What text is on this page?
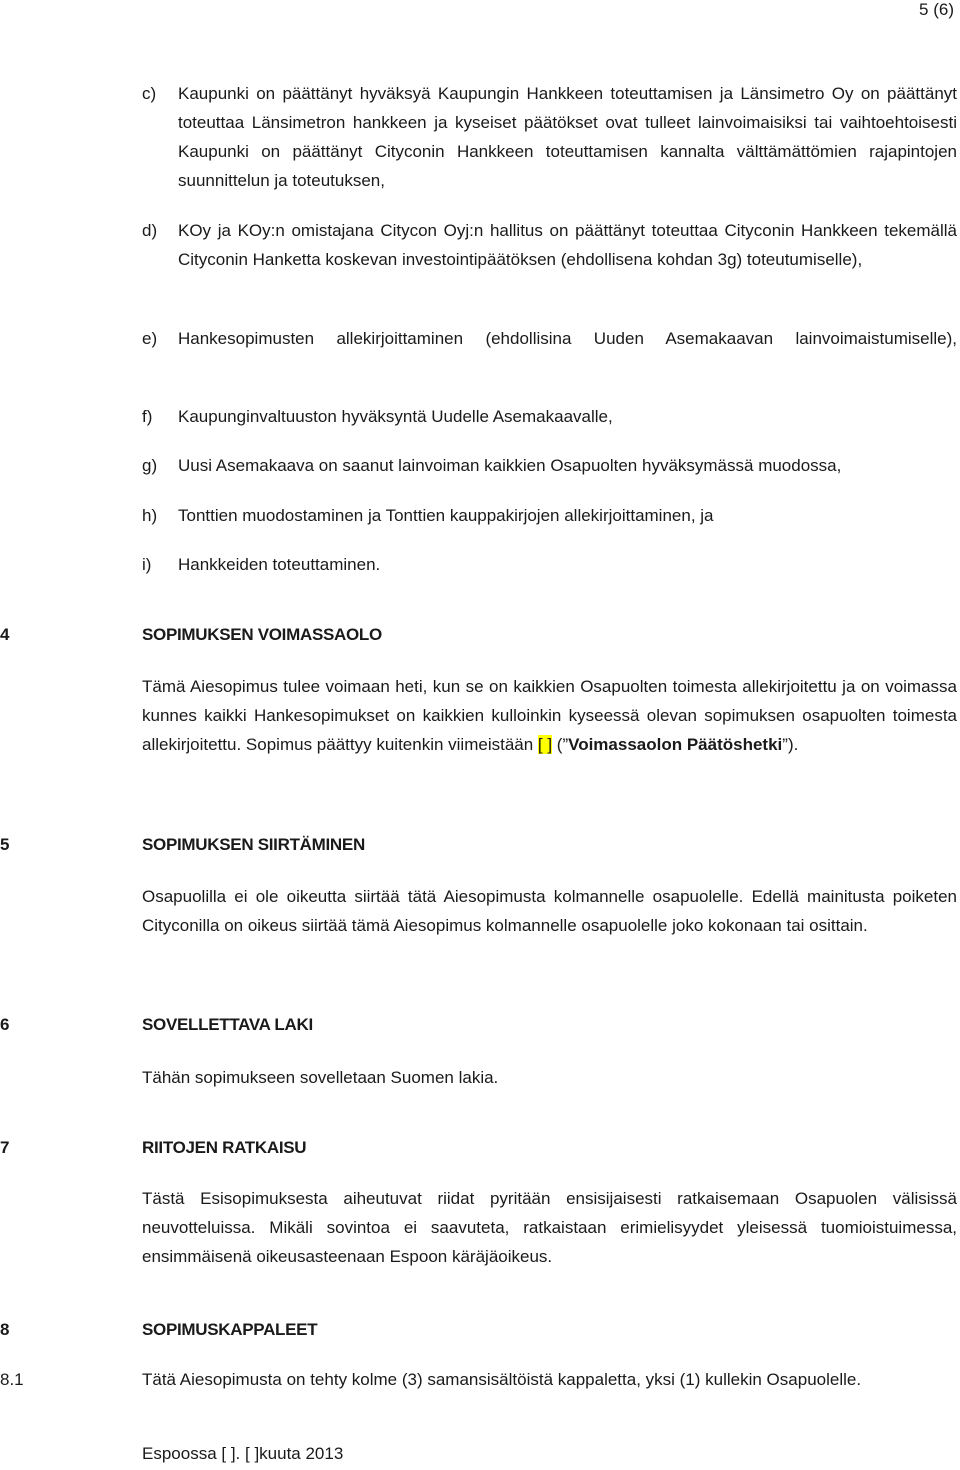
5 (6)
c) Kaupunki on päättänyt hyväksyä Kaupungin Hankkeen toteuttamisen ja Länsimetro Oy on päättänyt toteuttaa Länsimetron hankkeen ja kyseiset päätökset ovat tulleet lainvoimaisiksi tai vaihtoehtoisesti Kaupunki on päättänyt Cityconin Hankkeen toteuttamisen kannalta välttämättömien rajapintojen suunnittelun ja toteutuksen,
d) KOy ja KOy:n omistajana Citycon Oyj:n hallitus on päättänyt toteuttaa Cityconin Hankkeen tekemällä Cityconin Hanketta koskevan investointipäätöksen (ehdollisena kohdan 3g) toteutumiselle),
e) Hankesopimusten allekirjoittaminen (ehdollisina Uuden Asemakaavan lainvoimaistumiselle),
f) Kaupunginvaltuuston hyväksyntä Uudelle Asemakaavalle,
g) Uusi Asemakaava on saanut lainvoiman kaikkien Osapuolten hyväksymässä muodossa,
h) Tonttien muodostaminen ja Tonttien kauppakirjojen allekirjoittaminen, ja
i) Hankkeiden toteuttaminen.
4	SOPIMUKSEN VOIMASSAOLO
Tämä Aiesopimus tulee voimaan heti, kun se on kaikkien Osapuolten toimesta allekirjoitettu ja on voimassa kunnes kaikki Hankesopimukset on kaikkien kulloinkin kyseessä olevan sopimuksen osapuolten toimesta allekirjoitettu. Sopimus päättyy kuitenkin viimeistään [ ] (”Voimassaolon Päätöshetki”).
5	SOPIMUKSEN SIIRTÄMINEN
Osapuolilla ei ole oikeutta siirtää tätä Aiesopimusta kolmannelle osapuolelle. Edellä mainitusta poiketen Cityconilla on oikeus siirtää tämä Aiesopimus kolmannelle osapuolelle joko kokonaan tai osittain.
6	SOVELLETTAVA LAKI
Tähän sopimukseen sovelletaan Suomen lakia.
7	RIITOJEN RATKAISU
Tästä Esisopimuksesta aiheutuvat riidat pyritään ensisijaisesti ratkaisemaan Osapuolen välisissä neuvotteluissa. Mikäli sovintoa ei saavuteta, ratkaistaan erimielisyydet yleisessä tuomioistuimessa, ensimmäisenä oikeusasteenaan Espoon käräjäoikeus.
8	SOPIMUSKAPPALEET
8.1	Tätä Aiesopimusta on tehty kolme (3) samansisältöistä kappaletta, yksi (1) kullekin Osapuolelle.
Espoossa [ ]. [ ]kuuta 2013
